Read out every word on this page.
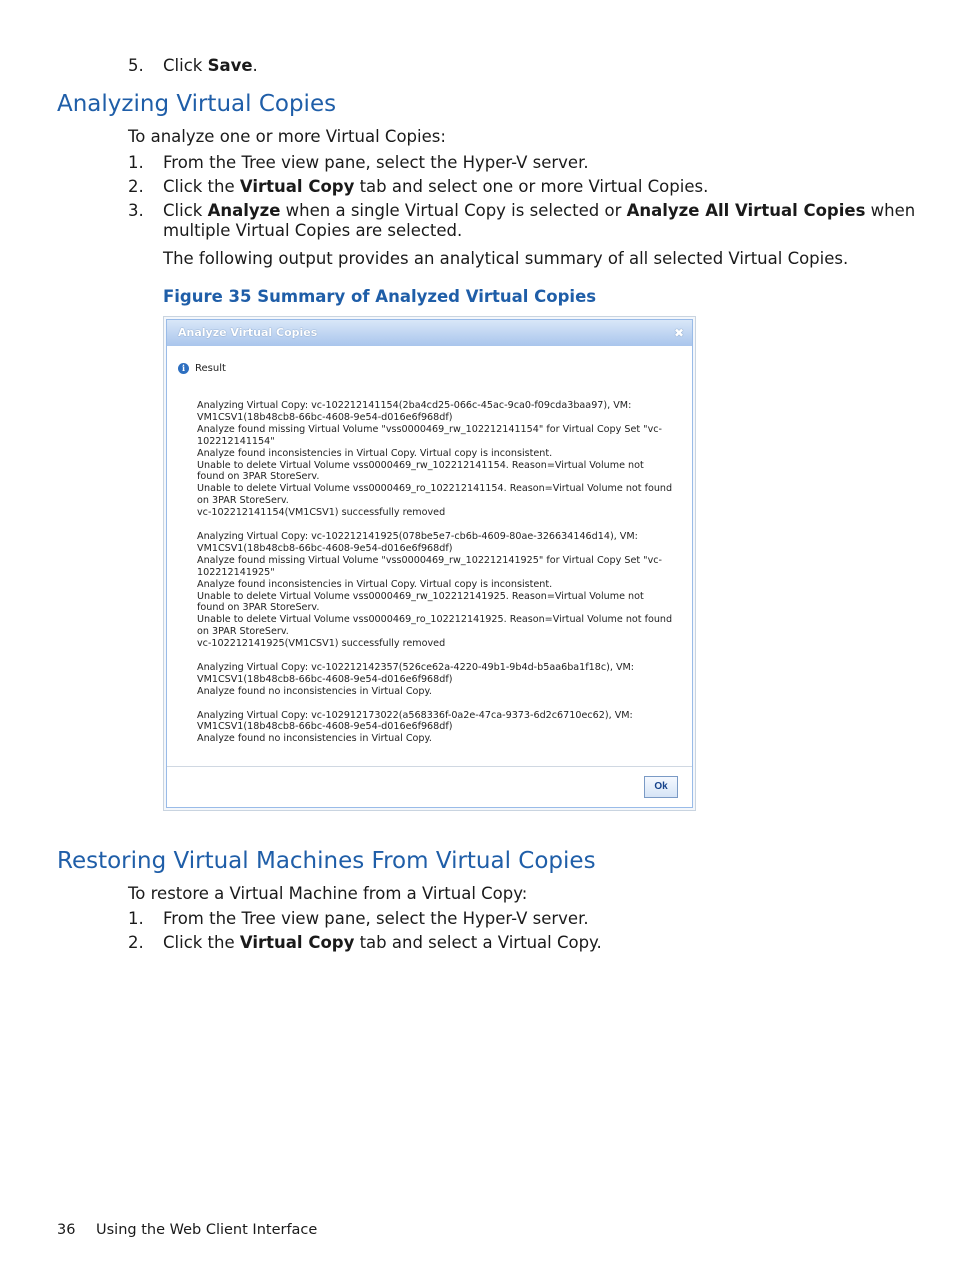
5. Click Save.
Analyzing Virtual Copies
To analyze one or more Virtual Copies:
1. From the Tree view pane, select the Hyper-V server.
2. Click the Virtual Copy tab and select one or more Virtual Copies.
3. Click Analyze when a single Virtual Copy is selected or Analyze All Virtual Copies when
multiple Virtual Copies are selected.
The following output provides an analytical summary of all selected Virtual Copies.
Figure 35 Summary of Analyzed Virtual Copies
Analyze Virtual Copies	✖
i Result
Analyzing Virtual Copy: vc-102212141154(2ba4cd25-066c-45ac-9ca0-f09cda3baa97), VM:
VM1CSV1(18b48cb8-66bc-4608-9e54-d016e6f968df)
Analyze found missing Virtual Volume "vss0000469_rw_102212141154" for Virtual Copy Set "vc-
102212141154"
Analyze found inconsistencies in Virtual Copy. Virtual copy is inconsistent.
Unable to delete Virtual Volume vss0000469_rw_102212141154. Reason=Virtual Volume not
found on 3PAR StoreServ.
Unable to delete Virtual Volume vss0000469_ro_102212141154. Reason=Virtual Volume not found
on 3PAR StoreServ.
vc-102212141154(VM1CSV1) successfully removed

Analyzing Virtual Copy: vc-102212141925(078be5e7-cb6b-4609-80ae-326634146d14), VM:
VM1CSV1(18b48cb8-66bc-4608-9e54-d016e6f968df)
Analyze found missing Virtual Volume "vss0000469_rw_102212141925" for Virtual Copy Set "vc-
102212141925"
Analyze found inconsistencies in Virtual Copy. Virtual copy is inconsistent.
Unable to delete Virtual Volume vss0000469_rw_102212141925. Reason=Virtual Volume not
found on 3PAR StoreServ.
Unable to delete Virtual Volume vss0000469_ro_102212141925. Reason=Virtual Volume not found
on 3PAR StoreServ.
vc-102212141925(VM1CSV1) successfully removed

Analyzing Virtual Copy: vc-102212142357(526ce62a-4220-49b1-9b4d-b5aa6ba1f18c), VM:
VM1CSV1(18b48cb8-66bc-4608-9e54-d016e6f968df)
Analyze found no inconsistencies in Virtual Copy.

Analyzing Virtual Copy: vc-102912173022(a568336f-0a2e-47ca-9373-6d2c6710ec62), VM:
VM1CSV1(18b48cb8-66bc-4608-9e54-d016e6f968df)
Analyze found no inconsistencies in Virtual Copy.
Ok
Restoring Virtual Machines From Virtual Copies
To restore a Virtual Machine from a Virtual Copy:
1. From the Tree view pane, select the Hyper-V server.
2. Click the Virtual Copy tab and select a Virtual Copy.
36 Using the Web Client Interface
